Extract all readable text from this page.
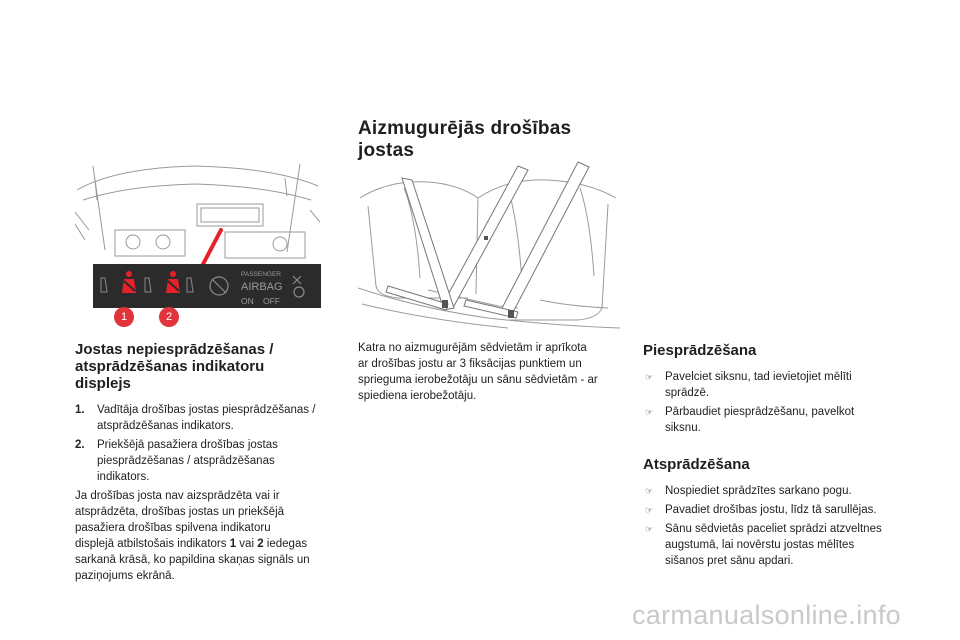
Aizmugurējās drošības
jostas
PASSENGER
AIRBAG
ON OFF
1	2
Jostas nepiesprādzēšanas /
atsprādzēšanas indikatoru
displejs
1. Vadītāja drošības jostas piesprādzēšanas /
atsprādzēšanas indikators.
2. Priekšējā pasažiera drošības jostas
piesprādzēšanas / atsprādzēšanas
indikators.
Ja drošības josta nav aizsprādzēta vai ir
atsprādzēta, drošības jostas un priekšējā
pasažiera drošības spilvena indikatoru
displejā atbilstošais indikators 1 vai 2 iedegas
sarkanā krāsā, ko papildina skaņas signāls un
paziņojums ekrānā.
Katra no aizmugurējām sēdvietām ir aprīkota
ar drošības jostu ar 3 fiksācijas punktiem un
sprieguma ierobežotāju un sānu sēdvietām - ar
spiediena ierobežotāju.
Piesprādzēšana
☞ Pavelciet siksnu, tad ievietojiet mēlīti
sprādzē.
☞ Pārbaudiet piesprādzēšanu, pavelkot
siksnu.
Atsprādzēšana
☞ Nospiediet sprādzītes sarkano pogu.
☞ Pavadiet drošības jostu, līdz tā sarullējas.
☞ Sānu sēdvietās paceliet sprādzi atzveltnes
augstumā, lai novērstu jostas mēlītes
sišanos pret sānu apdari.
carmanualsonline.info
